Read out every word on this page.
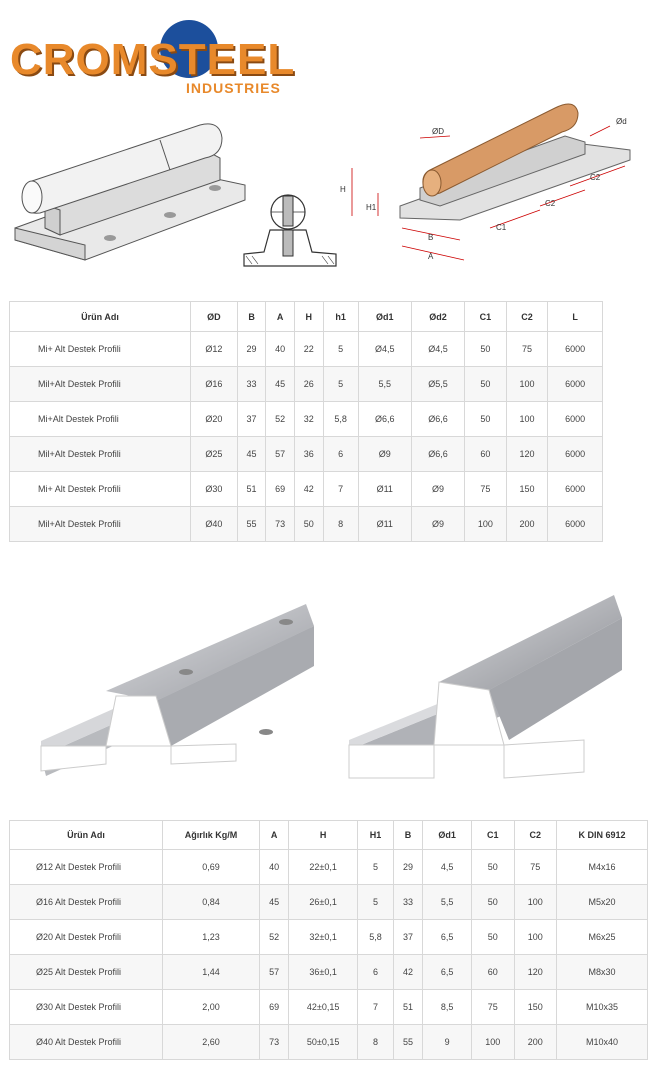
CROMSTEEL
INDUSTRIES
H
H1
B
A
C1
C2
C2
ØD
Ød
Ürün Adı	ØD	B	A	H	h1	Ød1	Ød2	C1	C2	L
Mi+ Alt Destek Profili	Ø12	29	40	22	5	Ø4,5	Ø4,5	50	75	6000
Mil+Alt Destek Profili	Ø16	33	45	26	5	5,5	Ø5,5	50	100	6000
Mi+Alt Destek Profili	Ø20	37	52	32	5,8	Ø6,6	Ø6,6	50	100	6000
Mil+Alt Destek Profili	Ø25	45	57	36	6	Ø9	Ø6,6	60	120	6000
Mi+ Alt Destek Profili	Ø30	51	69	42	7	Ø11	Ø9	75	150	6000
Mil+Alt Destek Profili	Ø40	55	73	50	8	Ø11	Ø9	100	200	6000
Ürün Adı	Ağırlık Kg/M	A	H	H1	B	Ød1	C1	C2	K DIN 6912
Ø12 Alt Destek Profili	0,69	40	22±0,1	5	29	4,5	50	75	M4x16
Ø16 Alt Destek Profili	0,84	45	26±0,1	5	33	5,5	50	100	M5x20
Ø20 Alt Destek Profili	1,23	52	32±0,1	5,8	37	6,5	50	100	M6x25
Ø25 Alt Destek Profili	1,44	57	36±0,1	6	42	6,5	60	120	M8x30
Ø30 Alt Destek Profili	2,00	69	42±0,15	7	51	8,5	75	150	M10x35
Ø40 Alt Destek Profili	2,60	73	50±0,15	8	55	9	100	200	M10x40
